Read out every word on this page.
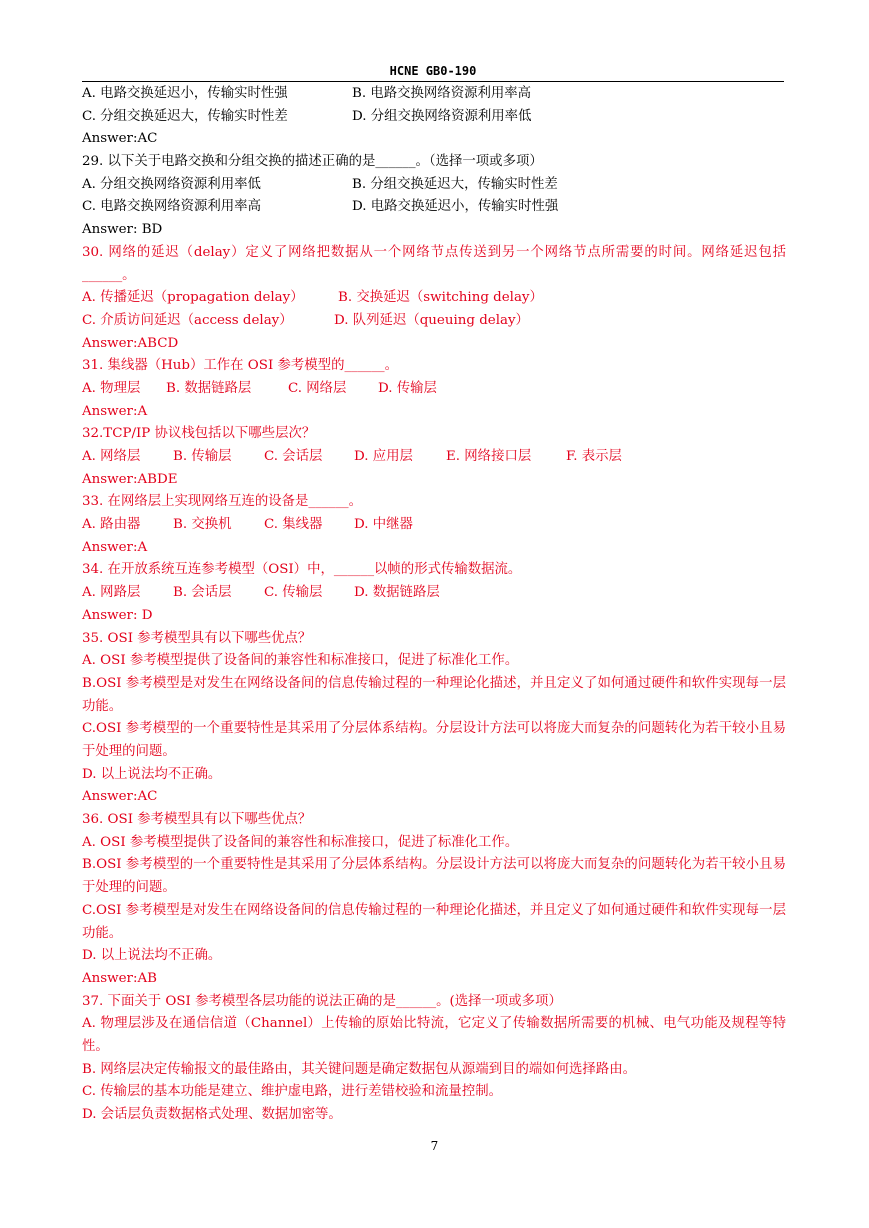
HCNE GB0-190
A. 电路交换延迟小，传输实时性强	B. 电路交换网络资源利用率高
C. 分组交换延迟大，传输实时性差	D. 分组交换网络资源利用率低
Answer:AC
29. 以下关于电路交换和分组交换的描述正确的是______。（选择一项或多项）
A. 分组交换网络资源利用率低	B. 分组交换延迟大，传输实时性差
C. 电路交换网络资源利用率高	D. 电路交换延迟小，传输实时性强
Answer: BD
30. 网络的延迟（delay）定义了网络把数据从一个网络节点传送到另一个网络节点所需要的时间。网络延迟包括______。
A. 传播延迟（propagation delay）	B. 交换延迟（switching delay）
C. 介质访问延迟（access delay）	D. 队列延迟（queuing delay）
Answer:ABCD
31. 集线器（Hub）工作在 OSI 参考模型的______。
A. 物理层 B. 数据链路层	C. 网络层 D. 传输层
Answer:A
32.TCP/IP 协议栈包括以下哪些层次？
A. 网络层 B. 传输层 C. 会话层 D. 应用层 E. 网络接口层	F. 表示层
Answer:ABDE
33. 在网络层上实现网络互连的设备是______。
A. 路由器 B. 交换机 C. 集线器 D. 中继器
Answer:A
34. 在开放系统互连参考模型（OSI）中，______以帧的形式传输数据流。
A. 网路层 B. 会话层 C. 传输层 D. 数据链路层
Answer: D
35. OSI 参考模型具有以下哪些优点？
A. OSI 参考模型提供了设备间的兼容性和标准接口，促进了标准化工作。
B.OSI 参考模型是对发生在网络设备间的信息传输过程的一种理论化描述，并且定义了如何通过硬件和软件实现每一层功能。
C.OSI 参考模型的一个重要特性是其采用了分层体系结构。分层设计方法可以将庞大而复杂的问题转化为若干较小且易于处理的问题。
D. 以上说法均不正确。
Answer:AC
36. OSI 参考模型具有以下哪些优点？
A. OSI 参考模型提供了设备间的兼容性和标准接口，促进了标准化工作。
B.OSI 参考模型的一个重要特性是其采用了分层体系结构。分层设计方法可以将庞大而复杂的问题转化为若干较小且易于处理的问题。
C.OSI 参考模型是对发生在网络设备间的信息传输过程的一种理论化描述，并且定义了如何通过硬件和软件实现每一层功能。
D. 以上说法均不正确。
Answer:AB
37. 下面关于 OSI 参考模型各层功能的说法正确的是______。(选择一项或多项）
A. 物理层涉及在通信信道（Channel）上传输的原始比特流，它定义了传输数据所需要的机械、电气功能及规程等特性。
B. 网络层决定传输报文的最佳路由，其关键问题是确定数据包从源端到目的端如何选择路由。
C. 传输层的基本功能是建立、维护虚电路，进行差错校验和流量控制。
D. 会话层负责数据格式处理、数据加密等。
7
